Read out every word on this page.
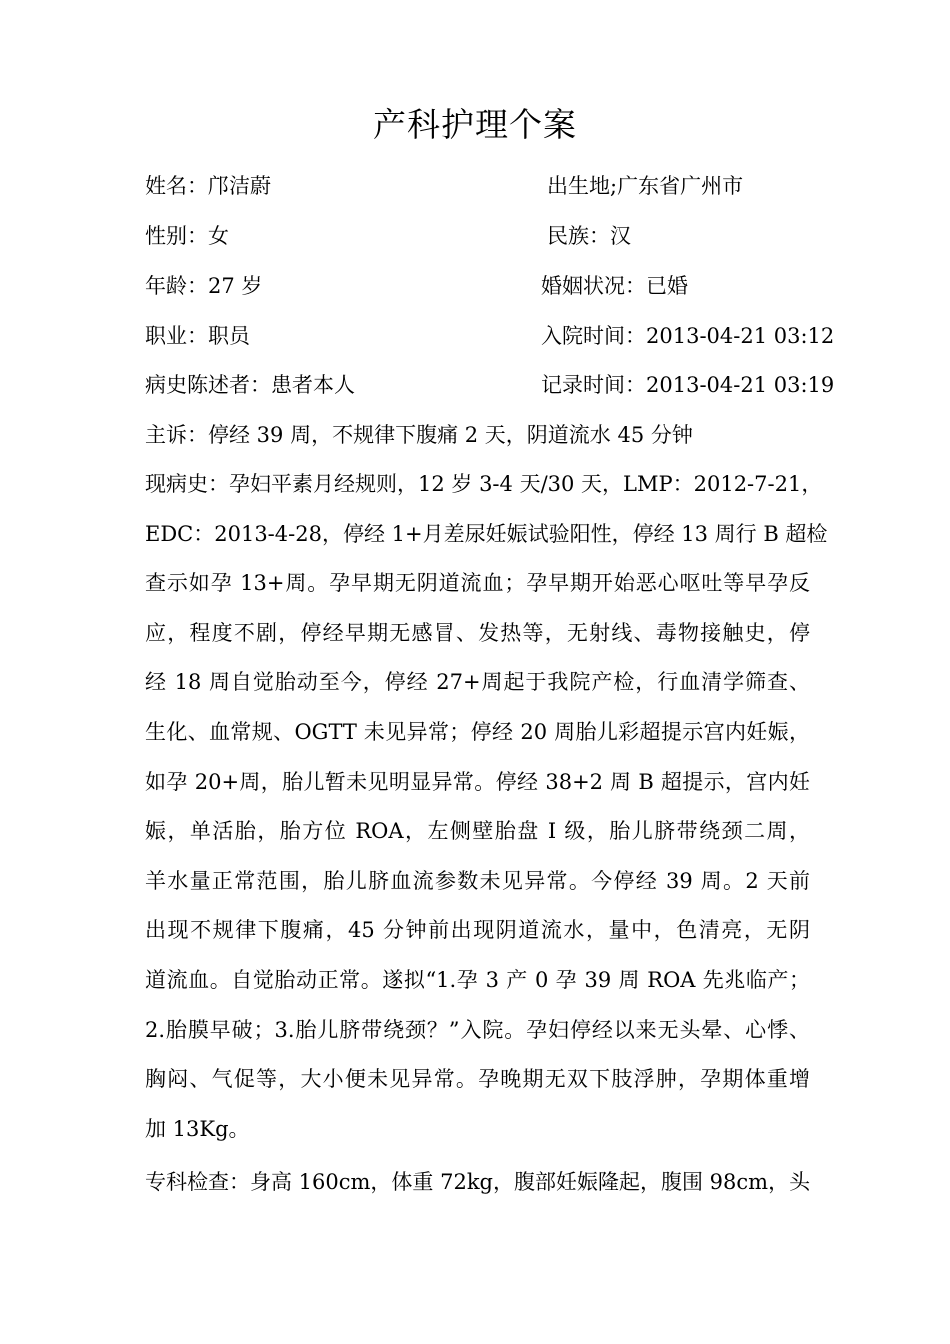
产科护理个案
姓名：邝洁蔚	出生地;广东省广州市
性别：女	民族：汉
年龄：27 岁	婚姻状况：已婚
职业：职员	入院时间：2013-04-21 03:12
病史陈述者：患者本人	记录时间：2013-04-21 03:19
主诉：停经 39 周，不规律下腹痛 2 天，阴道流水 45 分钟
现病史：孕妇平素月经规则，12 岁 3-4 天/30 天，LMP：2012-7-21，
EDC：2013-4-28，停经 1+月差尿妊娠试验阳性，停经 13 周行 B 超检
查示如孕 13+周。孕早期无阴道流血；孕早期开始恶心呕吐等早孕反
应，程度不剧，停经早期无感冒、发热等，无射线、毒物接触史，停
经 18 周自觉胎动至今，停经 27+周起于我院产检，行血清学筛查、
生化、血常规、OGTT 未见异常；停经 20 周胎儿彩超提示宫内妊娠，
如孕 20+周，胎儿暂未见明显异常。停经 38+2 周 B 超提示，宫内妊
娠，单活胎，胎方位 ROA，左侧壁胎盘 I 级，胎儿脐带绕颈二周，
羊水量正常范围，胎儿脐血流参数未见异常。今停经 39 周。2 天前
出现不规律下腹痛，45 分钟前出现阴道流水，量中，色清亮，无阴
道流血。自觉胎动正常。遂拟“1.孕 3 产 0 孕 39 周 ROA 先兆临产；
2.胎膜早破；3.胎儿脐带绕颈？”入院。孕妇停经以来无头晕、心悸、
胸闷、气促等，大小便未见异常。孕晚期无双下肢浮肿，孕期体重增
加 13Kg。
专科检查：身高 160cm，体重 72kg，腹部妊娠隆起，腹围 98cm，头
